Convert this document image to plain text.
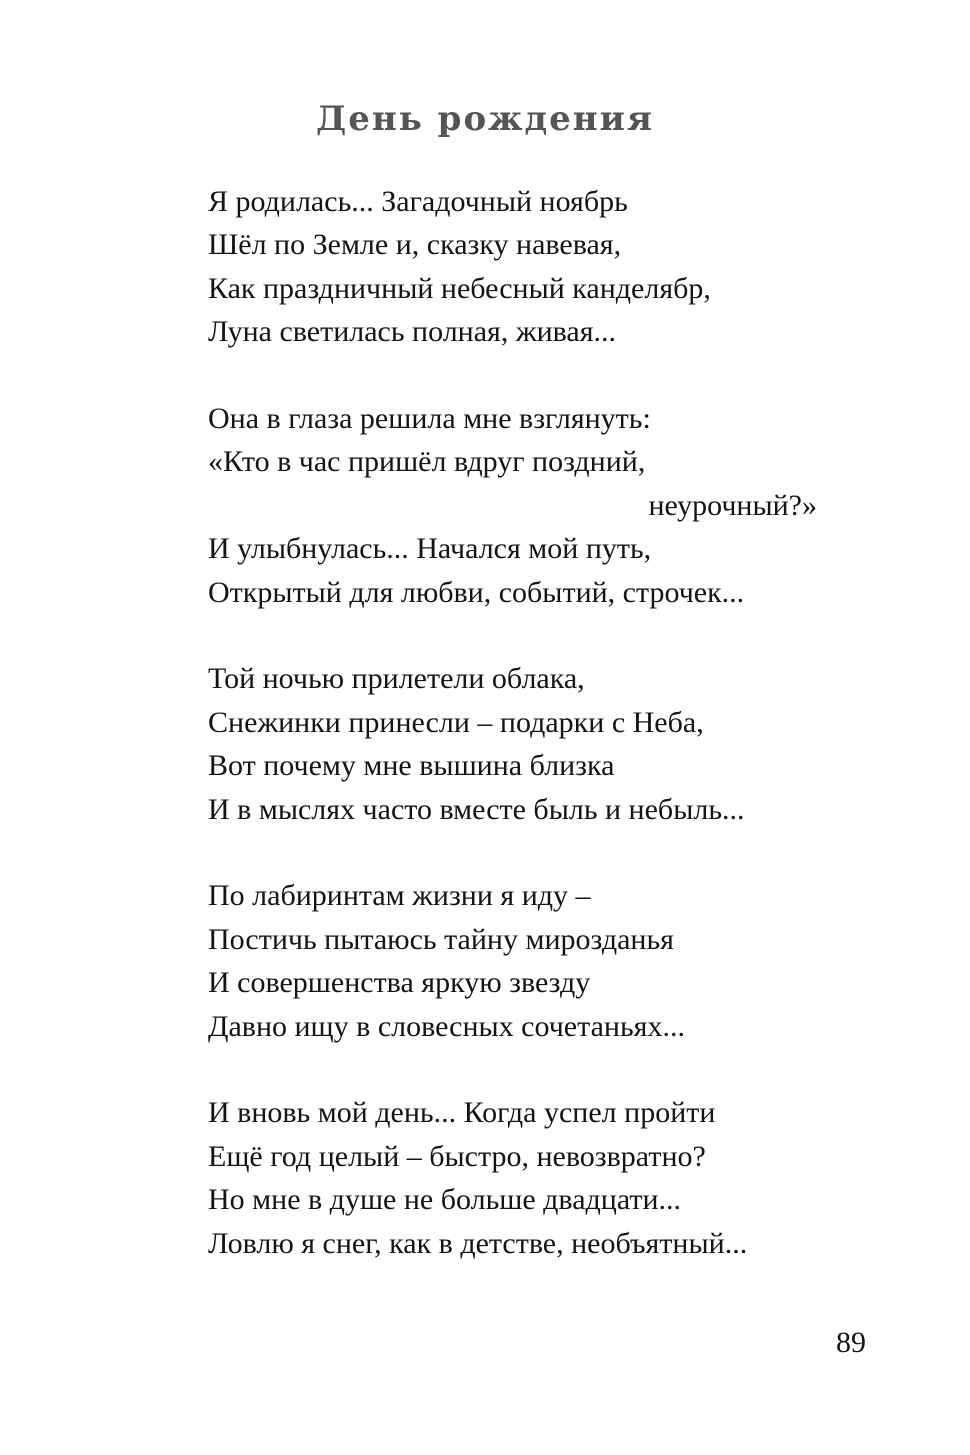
День рождения
Я родилась... Загадочный ноябрь
Шёл по Земле и, сказку навевая,
Как праздничный небесный канделябр,
Луна светилась полная, живая...
Она в глаза решила мне взглянуть:
«Кто в час пришёл вдруг поздний,
неурочный?»
И улыбнулась... Начался мой путь,
Открытый для любви, событий, строчек...
Той ночью прилетели облака,
Снежинки принесли – подарки с Неба,
Вот почему мне вышина близка
И в мыслях часто вместе быль и небыль...
По лабиринтам жизни я иду –
Постичь пытаюсь тайну мирозданья
И совершенства яркую звезду
Давно ищу в словесных сочетаньях...
И вновь мой день... Когда успел пройти
Ещё год целый – быстро, невозвратно?
Но мне в душе не больше двадцати...
Ловлю я снег, как в детстве, необъятный...
89
